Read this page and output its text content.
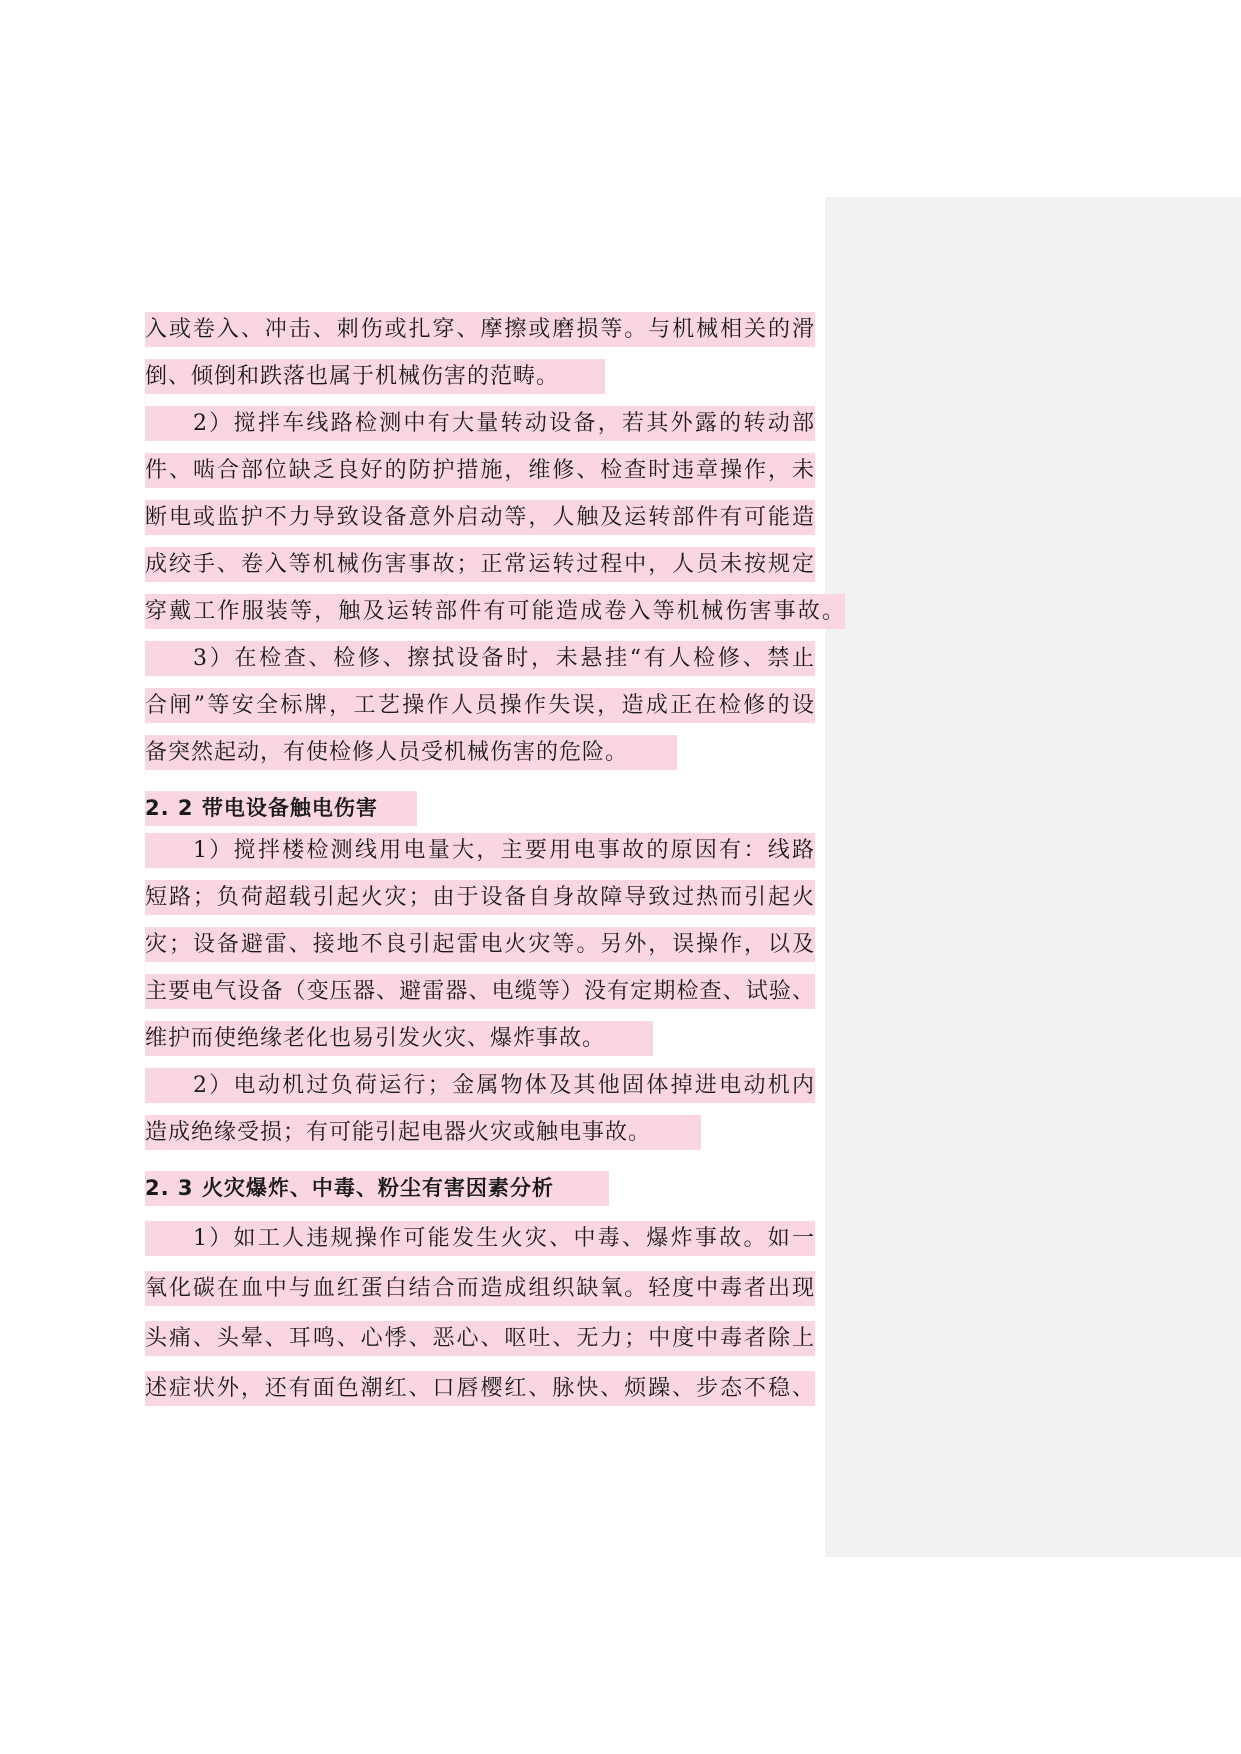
入或卷入、冲击、刺伤或扎穿、摩擦或磨损等。与机械相关的滑
倒、倾倒和跌落也属于机械伤害的范畴。
2）搅拌车线路检测中有大量转动设备，若其外露的转动部
件、啮合部位缺乏良好的防护措施，维修、检查时违章操作，未
断电或监护不力导致设备意外启动等，人触及运转部件有可能造
成绞手、卷入等机械伤害事故；正常运转过程中，人员未按规定
穿戴工作服装等，触及运转部件有可能造成卷入等机械伤害事故。
3）在检查、检修、擦拭设备时，未悬挂“有人检修、禁止
合闸”等安全标牌，工艺操作人员操作失误，造成正在检修的设
备突然起动，有使检修人员受机械伤害的危险。
2. 2 带电设备触电伤害
1）搅拌楼检测线用电量大，主要用电事故的原因有：线路
短路；负荷超载引起火灾；由于设备自身故障导致过热而引起火
灾；设备避雷、接地不良引起雷电火灾等。另外，误操作，以及
主要电气设备（变压器、避雷器、电缆等）没有定期检查、试验、
维护而使绝缘老化也易引发火灾、爆炸事故。
2）电动机过负荷运行；金属物体及其他固体掉进电动机内
造成绝缘受损；有可能引起电器火灾或触电事故。
2. 3 火灾爆炸、中毒、粉尘有害因素分析
1）如工人违规操作可能发生火灾、中毒、爆炸事故。如一
氧化碳在血中与血红蛋白结合而造成组织缺氧。轻度中毒者出现
头痛、头晕、耳鸣、心悸、恶心、呕吐、无力；中度中毒者除上
述症状外，还有面色潮红、口唇樱红、脉快、烦躁、步态不稳、
